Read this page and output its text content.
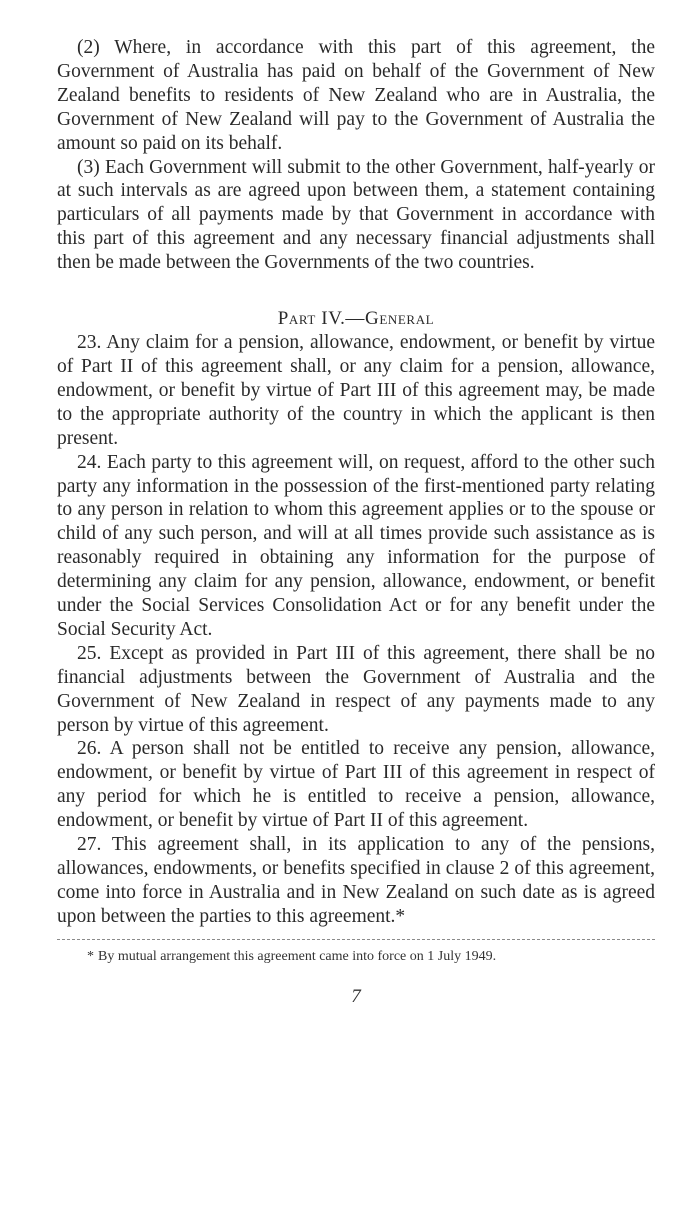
(2) Where, in accordance with this part of this agreement, the Government of Australia has paid on behalf of the Government of New Zealand benefits to residents of New Zealand who are in Australia, the Government of New Zealand will pay to the Government of Australia the amount so paid on its behalf.

(3) Each Government will submit to the other Government, half-yearly or at such intervals as are agreed upon between them, a statement containing particulars of all payments made by that Government in accordance with this part of this agreement and any necessary financial adjustments shall then be made between the Governments of the two countries.

Part IV.—General

23. Any claim for a pension, allowance, endowment, or benefit by virtue of Part II of this agreement shall, or any claim for a pension, allowance, endowment, or benefit by virtue of Part III of this agreement may, be made to the appropriate authority of the country in which the applicant is then present.

24. Each party to this agreement will, on request, afford to the other such party any information in the possession of the first-mentioned party relating to any person in relation to whom this agreement applies or to the spouse or child of any such person, and will at all times provide such assistance as is reasonably required in obtaining any information for the purpose of determining any claim for any pension, allowance, endowment, or benefit under the Social Services Consolidation Act or for any benefit under the Social Security Act.

25. Except as provided in Part III of this agreement, there shall be no financial adjustments between the Government of Australia and the Government of New Zealand in respect of any payments made to any person by virtue of this agreement.

26. A person shall not be entitled to receive any pension, allowance, endowment, or benefit by virtue of Part III of this agreement in respect of any period for which he is entitled to receive a pension, allowance, endowment, or benefit by virtue of Part II of this agreement.

27. This agreement shall, in its application to any of the pensions, allowances, endowments, or benefits specified in clause 2 of this agreement, come into force in Australia and in New Zealand on such date as is agreed upon between the parties to this agreement.*

* By mutual arrangement this agreement came into force on 1 July 1949.
7
